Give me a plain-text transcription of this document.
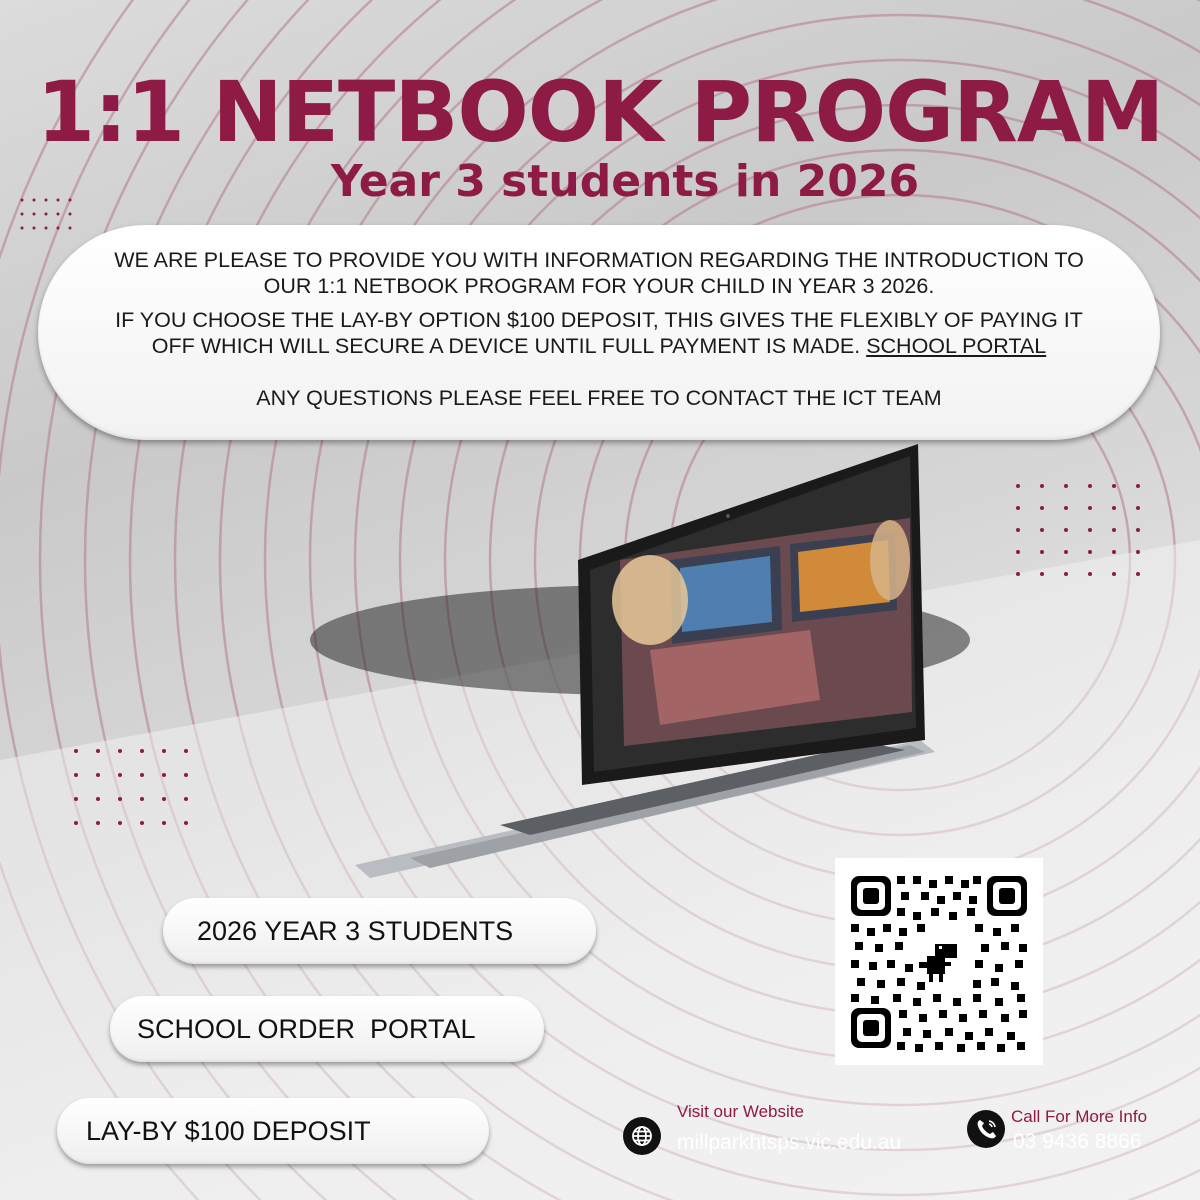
1:1 NETBOOK PROGRAM
Year 3 students in 2026

WE ARE PLEASE TO PROVIDE YOU WITH INFORMATION REGARDING THE INTRODUCTION TO OUR 1:1 NETBOOK PROGRAM FOR YOUR CHILD IN YEAR 3 2026.

IF YOU CHOOSE THE LAY-BY OPTION $100 DEPOSIT, THIS GIVES THE FLEXIBLY OF PAYING IT OFF WHICH WILL SECURE A DEVICE UNTIL FULL PAYMENT IS MADE. SCHOOL PORTAL

ANY QUESTIONS PLEASE FEEL FREE TO CONTACT THE ICT TEAM

2026 YEAR 3 STUDENTS
SCHOOL ORDER  PORTAL
LAY-BY $100 DEPOSIT
Visit our Website
millparkhtsps.vic.edu.au
Call For More Info
03 9436 8866
